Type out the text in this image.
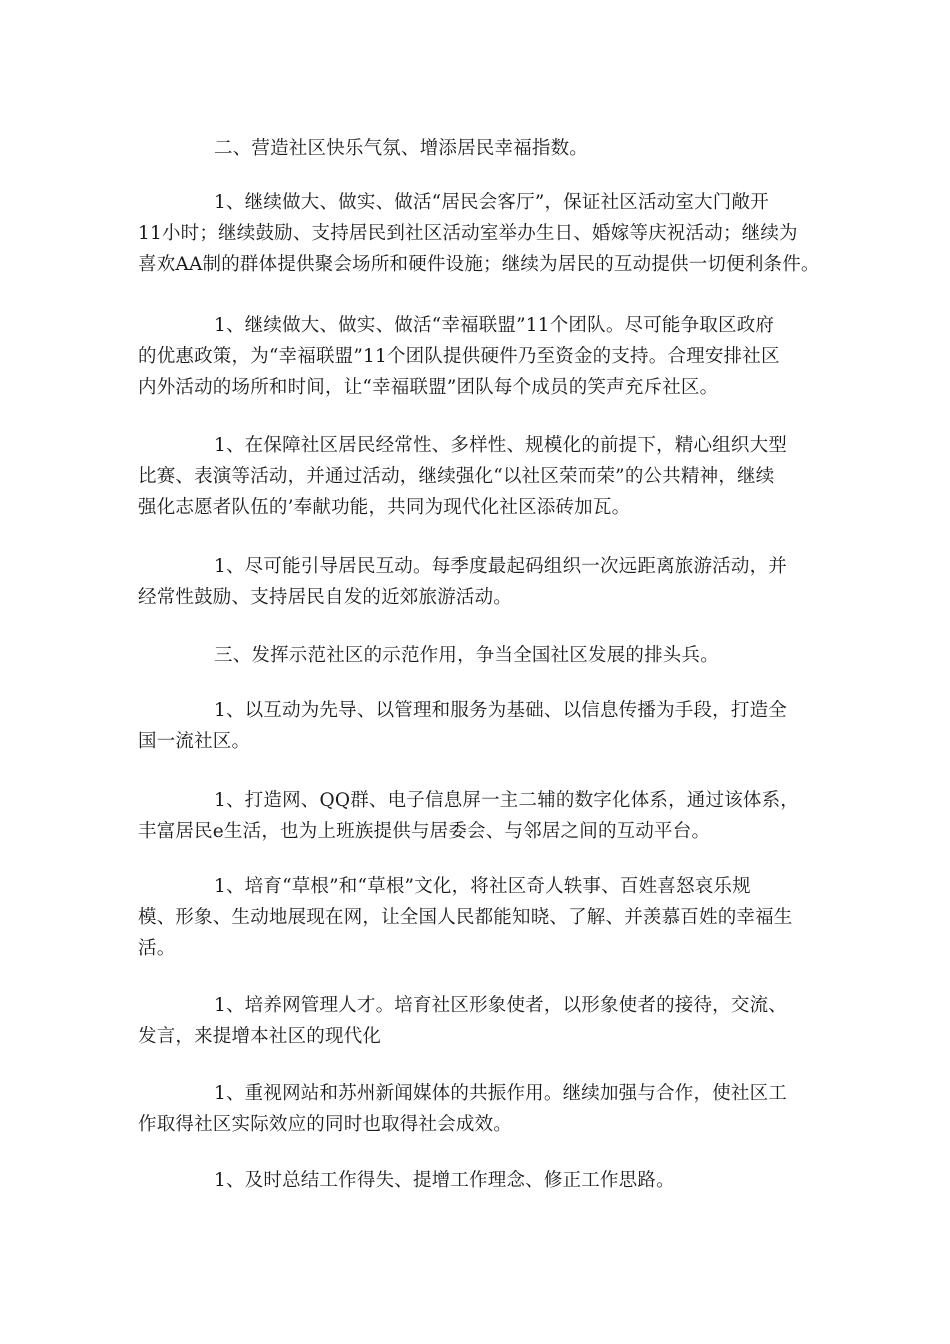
二、营造社区快乐气氛、增添居民幸福指数。
1、继续做大、做实、做活“居民会客厅”，保证社区活动室大门敞开
11小时；继续鼓励、支持居民到社区活动室举办生日、婚嫁等庆祝活动；继续为
喜欢AA制的群体提供聚会场所和硬件设施；继续为居民的互动提供一切便利条件。
1、继续做大、做实、做活“幸福联盟”11个团队。尽可能争取区政府
的优惠政策，为“幸福联盟”11个团队提供硬件乃至资金的支持。合理安排社区
内外活动的场所和时间，让“幸福联盟”团队每个成员的笑声充斥社区。
1、在保障社区居民经常性、多样性、规模化的前提下，精心组织大型
比赛、表演等活动，并通过活动，继续强化“以社区荣而荣”的公共精神，继续
强化志愿者队伍的’奉献功能，共同为现代化社区添砖加瓦。
1、尽可能引导居民互动。每季度最起码组织一次远距离旅游活动，并
经常性鼓励、支持居民自发的近郊旅游活动。
三、发挥示范社区的示范作用，争当全国社区发展的排头兵。
1、以互动为先导、以管理和服务为基础、以信息传播为手段，打造全
国一流社区。
1、打造网、QQ群、电子信息屏一主二辅的数字化体系，通过该体系，
丰富居民e生活，也为上班族提供与居委会、与邻居之间的互动平台。
1、培育“草根”和“草根”文化，将社区奇人轶事、百姓喜怒哀乐规
模、形象、生动地展现在网，让全国人民都能知晓、了解、并羡慕百姓的幸福生
活。
1、培养网管理人才。培育社区形象使者，以形象使者的接待，交流、
发言，来提增本社区的现代化
1、重视网站和苏州新闻媒体的共振作用。继续加强与合作，使社区工
作取得社区实际效应的同时也取得社会成效。
1、及时总结工作得失、提增工作理念、修正工作思路。
